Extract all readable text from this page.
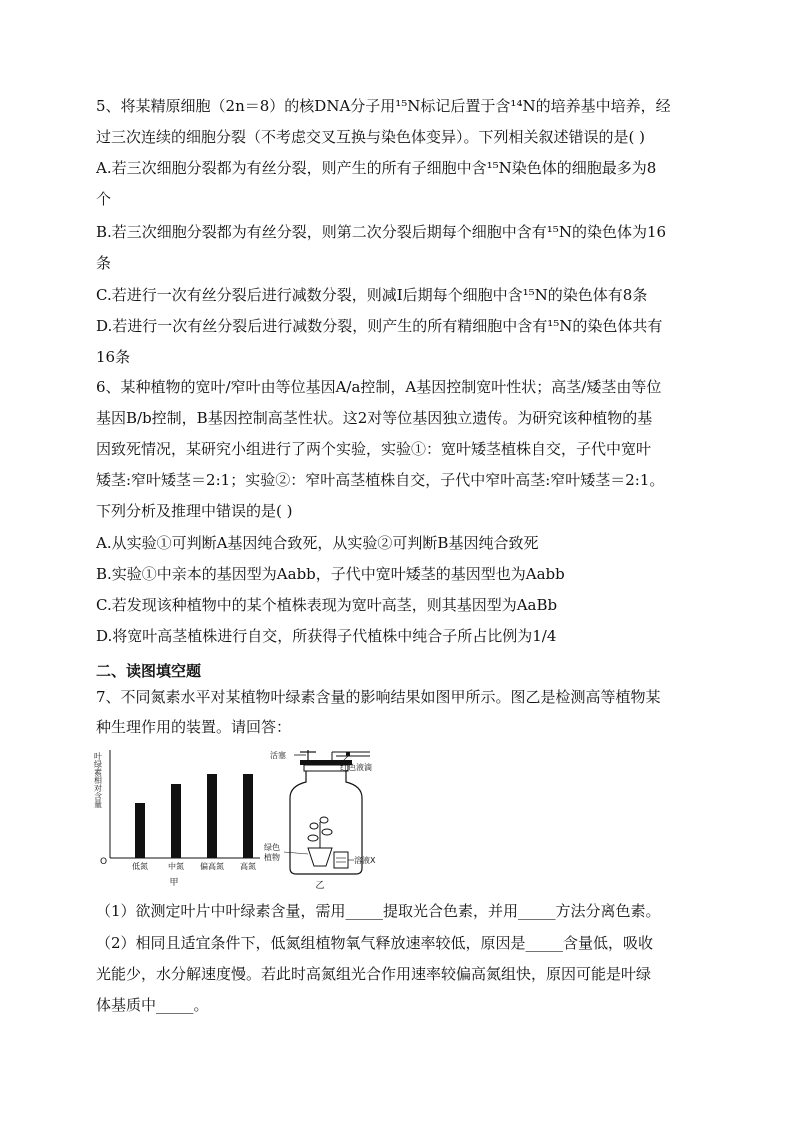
5、将某精原细胞（2n＝8）的核DNA分子用¹⁵N标记后置于含¹⁴N的培养基中培养，经
过三次连续的细胞分裂（不考虑交叉互换与染色体变异）。下列相关叙述错误的是( )
A.若三次细胞分裂都为有丝分裂，则产生的所有子细胞中含¹⁵N染色体的细胞最多为8
个
B.若三次细胞分裂都为有丝分裂，则第二次分裂后期每个细胞中含有¹⁵N的染色体为16
条
C.若进行一次有丝分裂后进行减数分裂，则减Ⅰ后期每个细胞中含¹⁵N的染色体有8条
D.若进行一次有丝分裂后进行减数分裂，则产生的所有精细胞中含有¹⁵N的染色体共有
16条
6、某种植物的宽叶/窄叶由等位基因A/a控制，A基因控制宽叶性状；高茎/矮茎由等位
基因B/b控制，B基因控制高茎性状。这2对等位基因独立遗传。为研究该种植物的基
因致死情况，某研究小组进行了两个实验，实验①：宽叶矮茎植株自交，子代中宽叶
矮茎:窄叶矮茎＝2:1；实验②：窄叶高茎植株自交，子代中窄叶高茎:窄叶矮茎＝2:1。
下列分析及推理中错误的是( )
A.从实验①可判断A基因纯合致死，从实验②可判断B基因纯合致死
B.实验①中亲本的基因型为Aabb，子代中宽叶矮茎的基因型也为Aabb
C.若发现该种植物中的某个植株表现为宽叶高茎，则其基因型为AaBb
D.将宽叶高茎植株进行自交，所获得子代植株中纯合子所占比例为1/4
二、读图填空题
7、不同氮素水平对某植物叶绿素含量的影响结果如图甲所示。图乙是检测高等植物某
种生理作用的装置。请回答：
叶绿素相对含量
O	低氮	中氮 偏高氮 高氮
甲
活塞
红色液滴
绿色
植物	溶液X
乙
（1）欲测定叶片中叶绿素含量，需用_____提取光合色素，并用_____方法分离色素。
（2）相同且适宜条件下，低氮组植物氧气释放速率较低，原因是_____含量低，吸收
光能少，水分解速度慢。若此时高氮组光合作用速率较偏高氮组快，原因可能是叶绿
体基质中_____。
